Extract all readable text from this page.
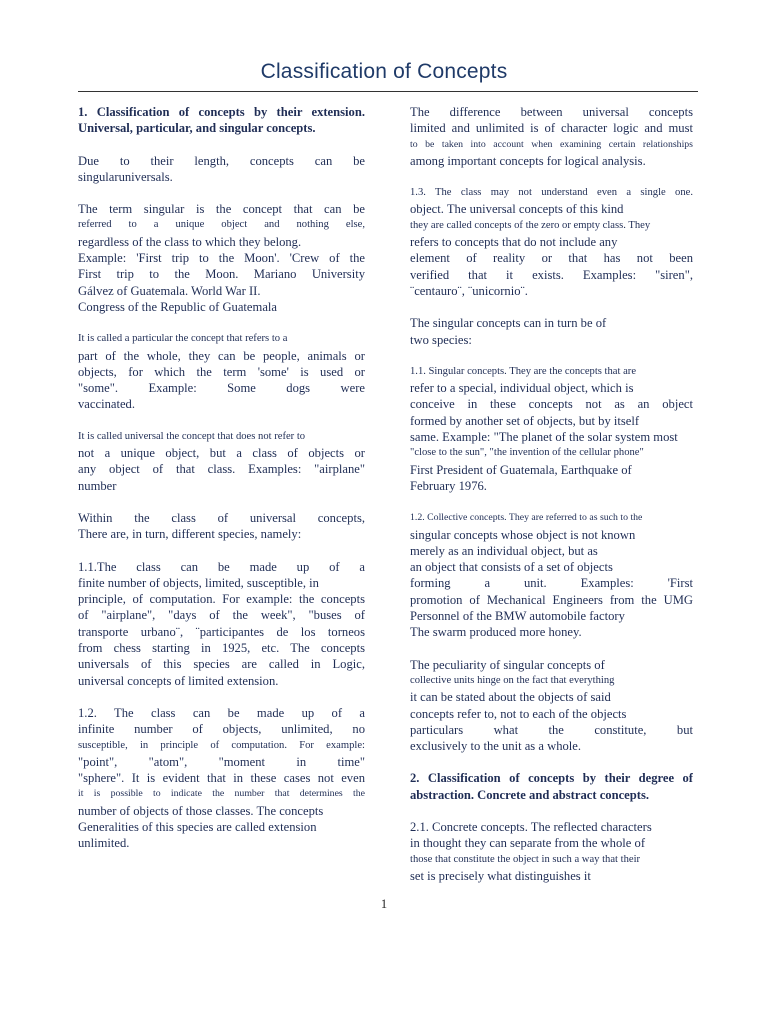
Classification of Concepts

1. Classification of concepts by their extension.
Universal, particular, and singular concepts.

Due to their length, concepts can be
singularuniversals.

The term singular is the concept that can be
referred to a unique object and nothing else,
regardless of the class to which they belong.
Example: 'First trip to the Moon'. 'Crew of the
First trip to the Moon. Mariano University
Gálvez of Guatemala. World War II.
Congress of the Republic of Guatemala

It is called a particular the concept that refers to a
part of the whole, they can be people, animals or
objects, for which the term 'some' is used or
"some". Example: Some dogs were
vaccinated.

It is called universal the concept that does not refer to
not a unique object, but a class of objects or
any object of that class. Examples: "airplane"
number

Within the class of universal concepts,
There are, in turn, different species, namely:

1.1.The class can be made up of a
finite number of objects, limited, susceptible, in
principle, of computation. For example: the concepts
of "airplane", "days of the week", "buses of
transporte urbano¨, ¨participantes de los torneos
from chess starting in 1925, etc. The concepts
universals of this species are called in Logic,
universal concepts of limited extension.

1.2. The class can be made up of a
infinite number of objects, unlimited, no
susceptible, in principle of computation. For example:
"point", "atom", "moment in time"
"sphere". It is evident that in these cases not even
it is possible to indicate the number that determines the
number of objects of those classes. The concepts
Generalities of this species are called extension
unlimited.

The difference between universal concepts
limited and unlimited is of character logic and must
to be taken into account when examining certain relationships
among important concepts for logical analysis.

1.3. The class may not understand even a single one.
object. The universal concepts of this kind
they are called concepts of the zero or empty class. They
refers to concepts that do not include any
element of reality or that has not been
verified that it exists. Examples: "siren",
¨centauro¨, ¨unicornio¨.

The singular concepts can in turn be of
two species:

1.1. Singular concepts. They are the concepts that are
refer to a special, individual object, which is
conceive in these concepts not as an object
formed by another set of objects, but by itself
same. Example: "The planet of the solar system most
"close to the sun", "the invention of the cellular phone"
First President of Guatemala, Earthquake of
February 1976.

1.2. Collective concepts. They are referred to as such to the
singular concepts whose object is not known
merely as an individual object, but as
an object that consists of a set of objects
forming a unit. Examples: 'First
promotion of Mechanical Engineers from the UMG
Personnel of the BMW automobile factory
The swarm produced more honey.

The peculiarity of singular concepts of
collective units hinge on the fact that everything
it can be stated about the objects of said
concepts refer to, not to each of the objects
particulars what the constitute, but
exclusively to the unit as a whole.

2. Classification of concepts by their degree of
abstraction. Concrete and abstract concepts.

2.1. Concrete concepts. The reflected characters
in thought they can separate from the whole of
those that constitute the object in such a way that their
set is precisely what distinguishes it

1
